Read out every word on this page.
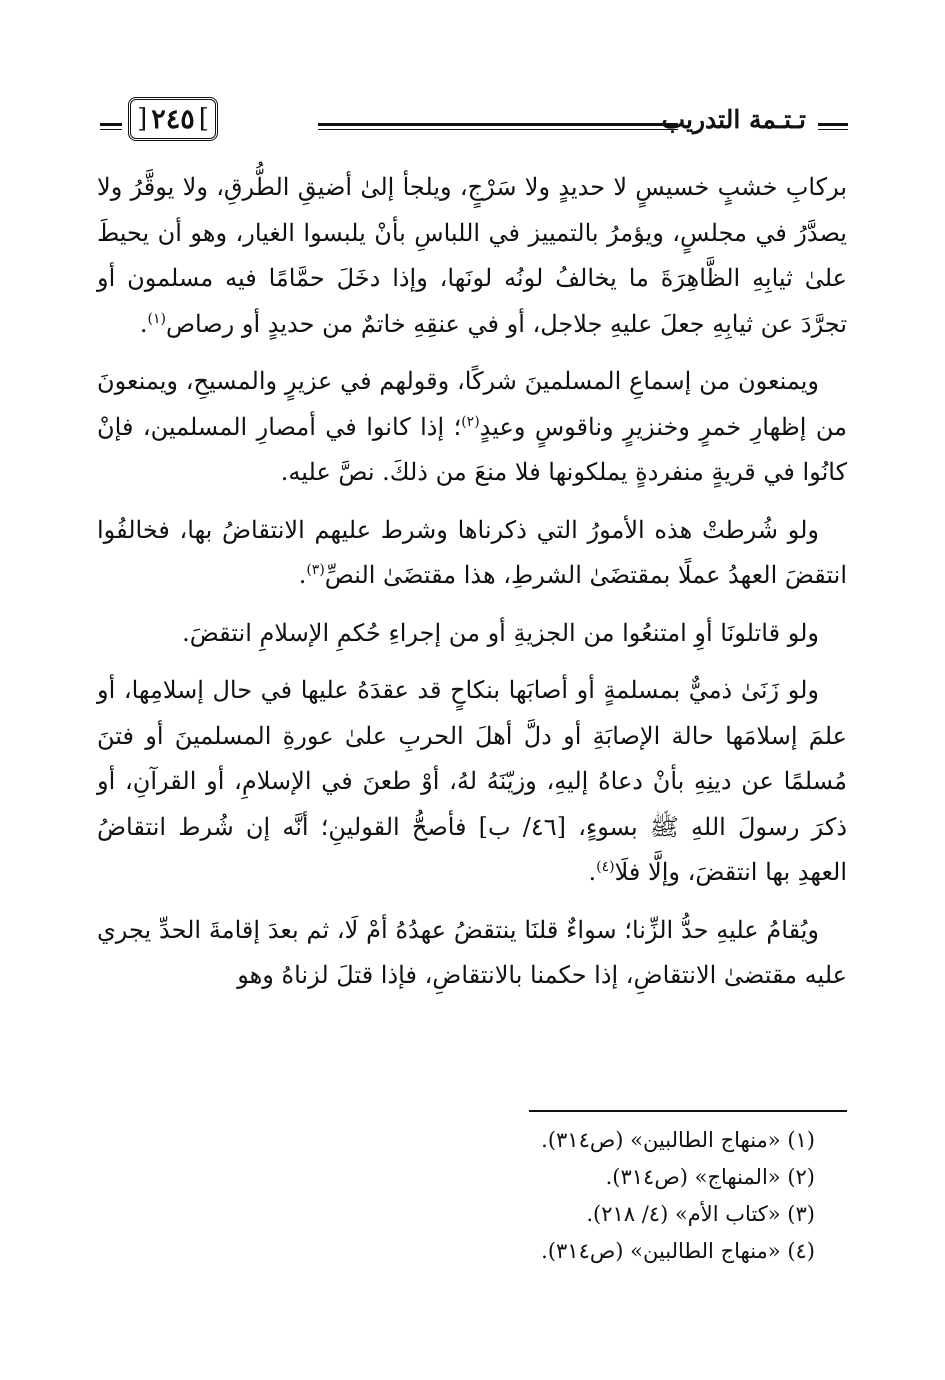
تـتـمة التدريب
]
٢٤٥
[

بركابِ خشبٍ خسيسٍ لا حديدٍ ولا سَرْجٍ، ويلجأ إلىٰ أضيقِ الطُّرقِ، ولا يوقَّرُ ولا يصدَّرُ في مجلسٍ، ويؤمرُ بالتمييز في اللباسِ بأنْ يلبسوا الغيار، وهو أن يحيطَ علىٰ ثيابِهِ الظَّاهِرَةَ ما يخالفُ لونُه لونَها، وإذا دخَلَ حمَّامًا فيه مسلمون أو تجرَّدَ عن ثيابِهِ جعلَ عليهِ جلاجل، أو في عنقِهِ خاتمٌ من حديدٍ أو رصاص$^{(١)}$.

ويمنعون من إسماعِ المسلمينَ شركًا، وقولهم في عزيرٍ والمسيحِ، ويمنعونَ من إظهارِ خمرٍ وخنزيرٍ وناقوسٍ وعيدٍ$^{(٢)}$؛ إذا كانوا في أمصارِ المسلمين، فإنْ كانُوا في قريةٍ منفردةٍ يملكونها فلا منعَ من ذلكَ. نصَّ عليه.

ولو شُرطتْ هذه الأمورُ التي ذكرناها وشرط عليهم الانتقاضُ بها، فخالفُوا انتقضَ العهدُ عملًا بمقتضَىٰ الشرطِ، هذا مقتضَىٰ النصِّ$^{(٣)}$.

ولو قاتلونَا أوِ امتنعُوا من الجزيةِ أو من إجراءِ حُكمِ الإسلامِ انتقضَ.

ولو زَنَىٰ ذميٌّ بمسلمةٍ أو أصابَها بنكاحٍ قد عقدَهُ عليها في حال إسلامِها، أو علمَ إسلامَها حالة الإصابَةِ أو دلَّ أهلَ الحربِ علىٰ عورةِ المسلمينَ أو فتنَ مُسلمًا عن دينِهِ بأنْ دعاهُ إليهِ، وزيّنَهُ لهُ، أوْ طعنَ في الإسلامِ، أو القرآنِ، أو ذكرَ رسولَ اللهِ ﷺ بسوءٍ، [٤٦/ ب] فأصحُّ القولينِ؛ أنَّه إن شُرط انتقاضُ العهدِ بها انتقضَ، وإلَّا فلَا$^{(٤)}$.

ويُقامُ عليهِ حدُّ الزِّنا؛ سواءٌ قلنَا ينتقضُ عهدُهُ أمْ لَا، ثم بعدَ إقامةَ الحدِّ يجري عليه مقتضىٰ الانتقاضِ، إذا حكمنا بالانتقاضِ، فإذا قتلَ لزناهُ وهو

(١) «منهاج الطالبين» (ص٣١٤).

(٢) «المنهاج» (ص٣١٤).

(٣) «كتاب الأم» (٤/ ٢١٨).

(٤) «منهاج الطالبين» (ص٣١٤).
